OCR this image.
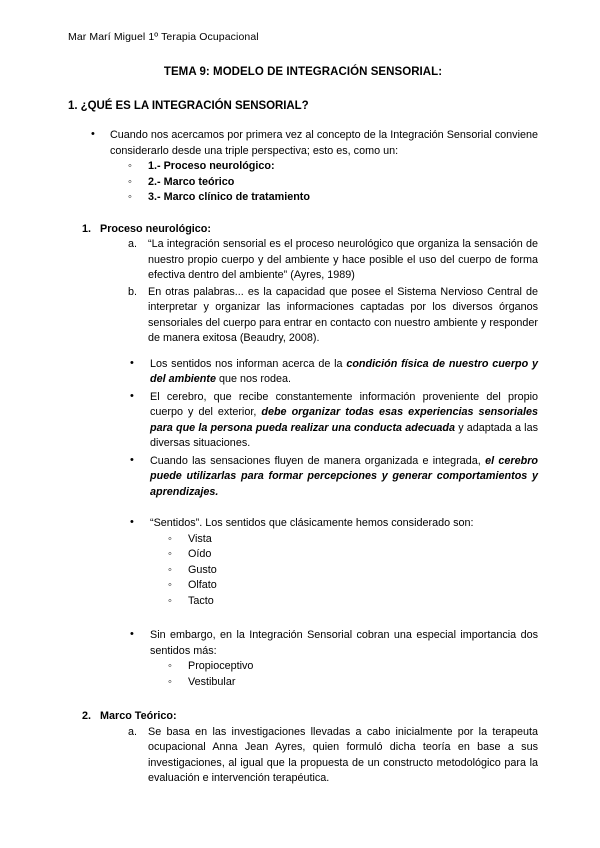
Mar Marí Miguel 1º Terapia Ocupacional
TEMA 9: MODELO DE INTEGRACIÓN SENSORIAL:
1. ¿QUÉ ES LA INTEGRACIÓN SENSORIAL?
• Cuando nos acercamos por primera vez al concepto de la Integración Sensorial conviene considerarlo desde una triple perspectiva; esto es, como un:
◦ 1.- Proceso neurológico:
◦ 2.- Marco teórico
◦ 3.- Marco clínico de tratamiento
Proceso neurológico:
“La integración sensorial es el proceso neurológico que organiza la sensación de nuestro propio cuerpo y del ambiente y hace posible el uso del cuerpo de forma efectiva dentro del ambiente” (Ayres, 1989)
En otras palabras... es la capacidad que posee el Sistema Nervioso Central de interpretar y organizar las informaciones captadas por los diversos órganos sensoriales del cuerpo para entrar en contacto con nuestro ambiente y responder de manera exitosa (Beaudry, 2008).
• Los sentidos nos informan acerca de la condición física de nuestro cuerpo y del ambiente que nos rodea.
• El cerebro, que recibe constantemente información proveniente del propio cuerpo y del exterior, debe organizar todas esas experiencias sensoriales para que la persona pueda realizar una conducta adecuada y adaptada a las diversas situaciones.
• Cuando las sensaciones fluyen de manera organizada e integrada, el cerebro puede utilizarlas para formar percepciones y generar comportamientos y aprendizajes.
• “Sentidos”. Los sentidos que clásicamente hemos considerado son:
◦ Vista
◦ Oído
◦ Gusto
◦ Olfato
◦ Tacto
• Sin embargo, en la Integración Sensorial cobran una especial importancia dos sentidos más:
◦ Propioceptivo
◦ Vestibular
Marco Teórico:
Se basa en las investigaciones llevadas a cabo inicialmente por la terapeuta ocupacional Anna Jean Ayres, quien formuló dicha teoría en base a sus investigaciones, al igual que la propuesta de un constructo metodológico para la evaluación e intervención terapéutica.
